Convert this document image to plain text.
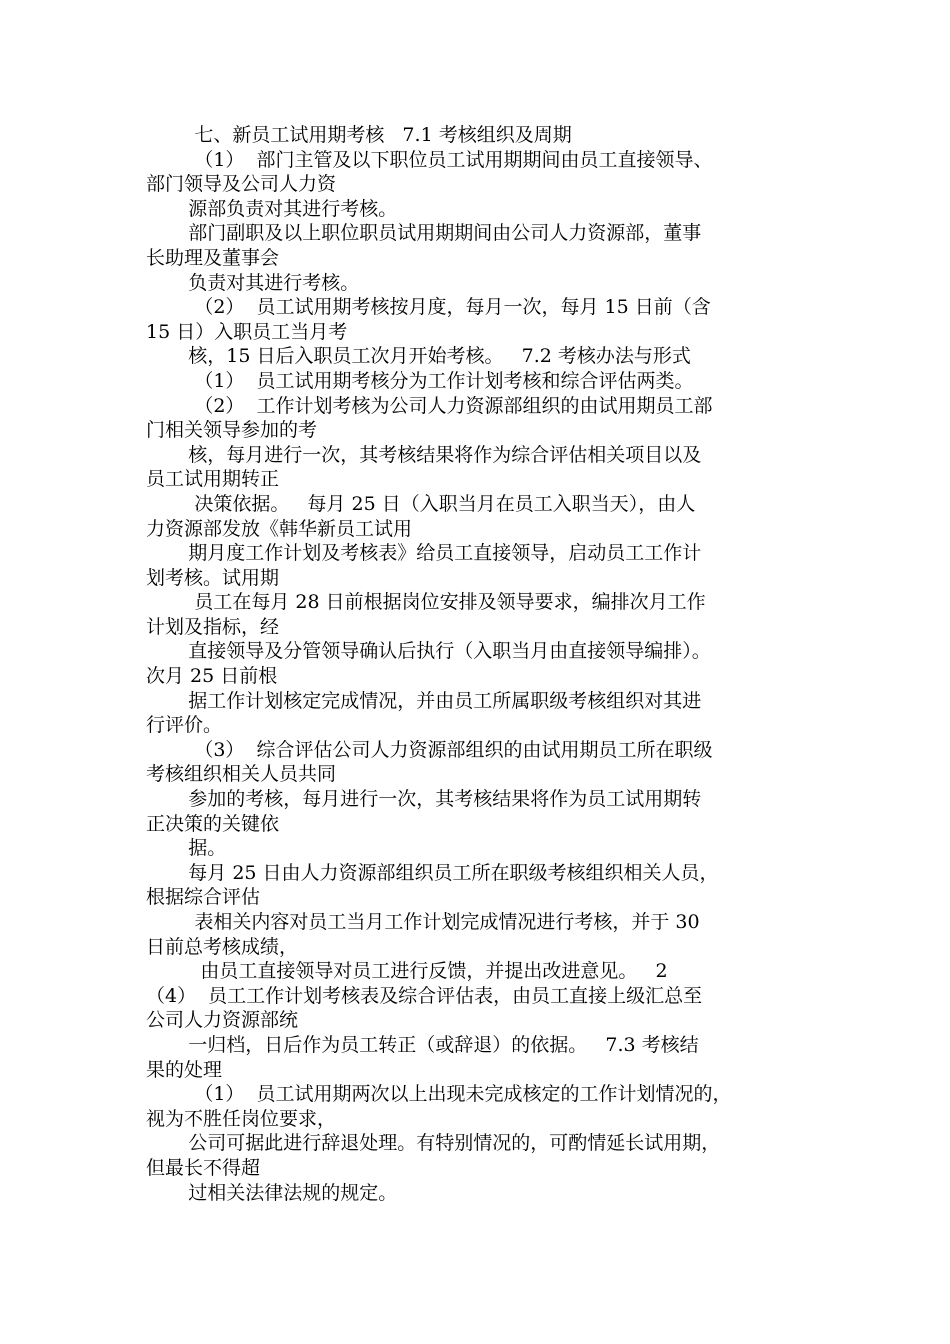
七、新员工试用期考核   7.1 考核组织及周期
（1）  部门主管及以下职位员工试用期期间由员工直接领导、
部门领导及公司人力资
源部负责对其进行考核。
部门副职及以上职位职员试用期期间由公司人力资源部，董事
长助理及董事会
负责对其进行考核。
（2）  员工试用期考核按月度，每月一次，每月 15 日前（含
15 日）入职员工当月考
核，15 日后入职员工次月开始考核。   7.2 考核办法与形式
（1）  员工试用期考核分为工作计划考核和综合评估两类。
（2）  工作计划考核为公司人力资源部组织的由试用期员工部
门相关领导参加的考
核，每月进行一次，其考核结果将作为综合评估相关项目以及
员工试用期转正
决策依据。   每月 25 日（入职当月在员工入职当天），由人
力资源部发放《韩华新员工试用
期月度工作计划及考核表》给员工直接领导，启动员工工作计
划考核。试用期
员工在每月 28 日前根据岗位安排及领导要求，编排次月工作
计划及指标，经
直接领导及分管领导确认后执行（入职当月由直接领导编排）。
次月 25 日前根
据工作计划核定完成情况，并由员工所属职级考核组织对其进
行评价。
（3）  综合评估公司人力资源部组织的由试用期员工所在职级
考核组织相关人员共同
参加的考核，每月进行一次，其考核结果将作为员工试用期转
正决策的关键依
据。
每月 25 日由人力资源部组织员工所在职级考核组织相关人员，
根据综合评估
表相关内容对员工当月工作计划完成情况进行考核，并于 30
日前总考核成绩，
由员工直接领导对员工进行反馈，并提出改进意见。   2
（4）  员工工作计划考核表及综合评估表，由员工直接上级汇总至
公司人力资源部统
一归档，日后作为员工转正（或辞退）的依据。   7.3 考核结
果的处理
（1）  员工试用期两次以上出现未完成核定的工作计划情况的，
视为不胜任岗位要求，
公司可据此进行辞退处理。有特别情况的，可酌情延长试用期，
但最长不得超
过相关法律法规的规定。
